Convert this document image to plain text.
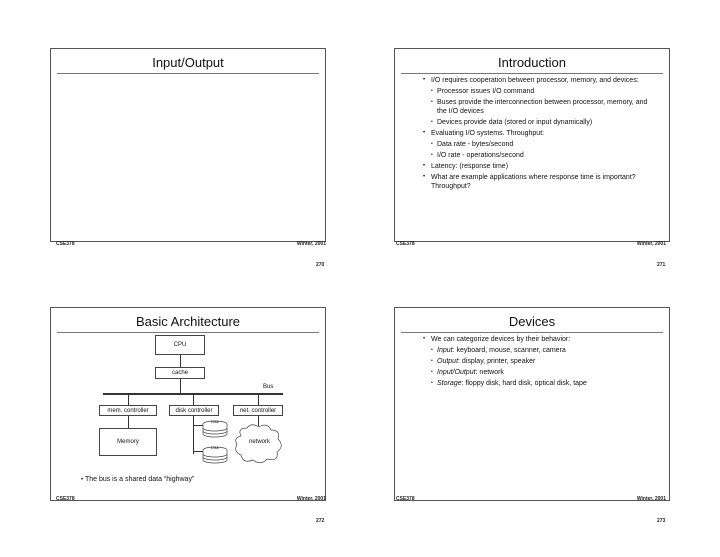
Input/Output
CSE378	Winter, 2001
270
Introduction
• I/O requires cooperation between processor, memory, and devices:
• Processor issues I/O command
• Buses provide the interconnection between processor, memory, and the I/O devices
• Devices provide data (stored or input dynamically)
• Evaluating I/O systems. Throughput:
• Data rate - bytes/second
• I/O rate - operations/second
• Latency: (response time)
• What are example applications where response time is important? Throughput?
CSE378	Winter, 2001
271
Basic Architecture
CPU
cache
Bus
mem. controller	disk controller	net. controller
Memory
Disk
Disk
network
• The bus is a shared data “highway”
CSE378	Winter, 2001
272
Devices
• We can categorize devices by their behavior:
• Input: keyboard, mouse, scanner, camera
• Output: display, printer, speaker
• Input/Output: network
• Storage: floppy disk, hard disk, optical disk, tape
CSE378	Winter, 2001
273
